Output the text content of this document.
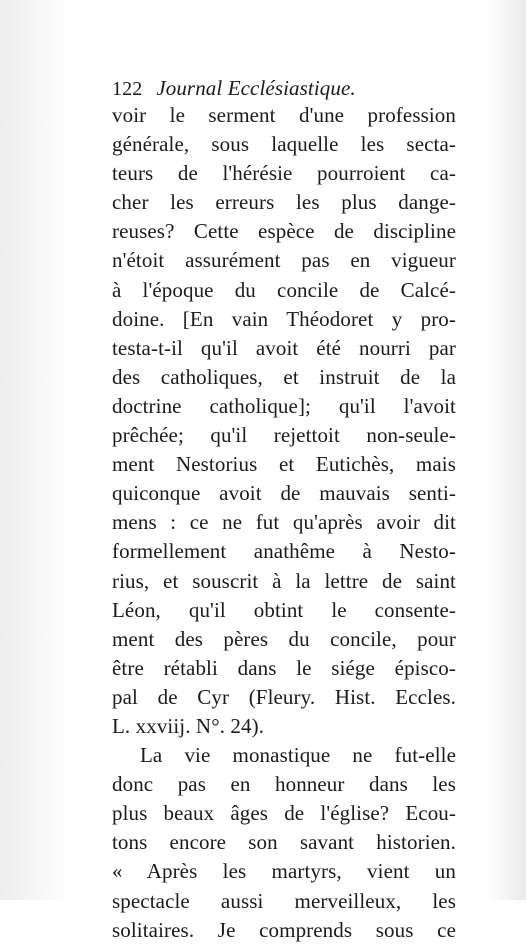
122 Journal Ecclésiastique.
voir le serment d'une profession
générale, sous laquelle les secta-
teurs de l'hérésie pourroient ca-
cher les erreurs les plus dange-
reuses? Cette espèce de discipline
n'étoit assurément pas en vigueur
à l'époque du concile de Calcé-
doine. [En vain Théodoret y pro-
testa-t-il qu'il avoit été nourri par
des catholiques, et instruit de la
doctrine catholique]; qu'il l'avoit
prêchée; qu'il rejettoit non-seule-
ment Nestorius et Eutichès, mais
quiconque avoit de mauvais senti-
mens : ce ne fut qu'après avoir dit
formellement anathême à Nesto-
rius, et souscrit à la lettre de saint
Léon, qu'il obtint le consente-
ment des pères du concile, pour
être rétabli dans le siége épisco-
pal de Cyr (Fleury. Hist. Eccles.
L. xxviij. N°. 24).
La vie monastique ne fut-elle
donc pas en honneur dans les
plus beaux âges de l'église? Ecou-
tons encore son savant historien.
« Après les martyrs, vient un
spectacle aussi merveilleux, les
solitaires. Je comprends sous ce
